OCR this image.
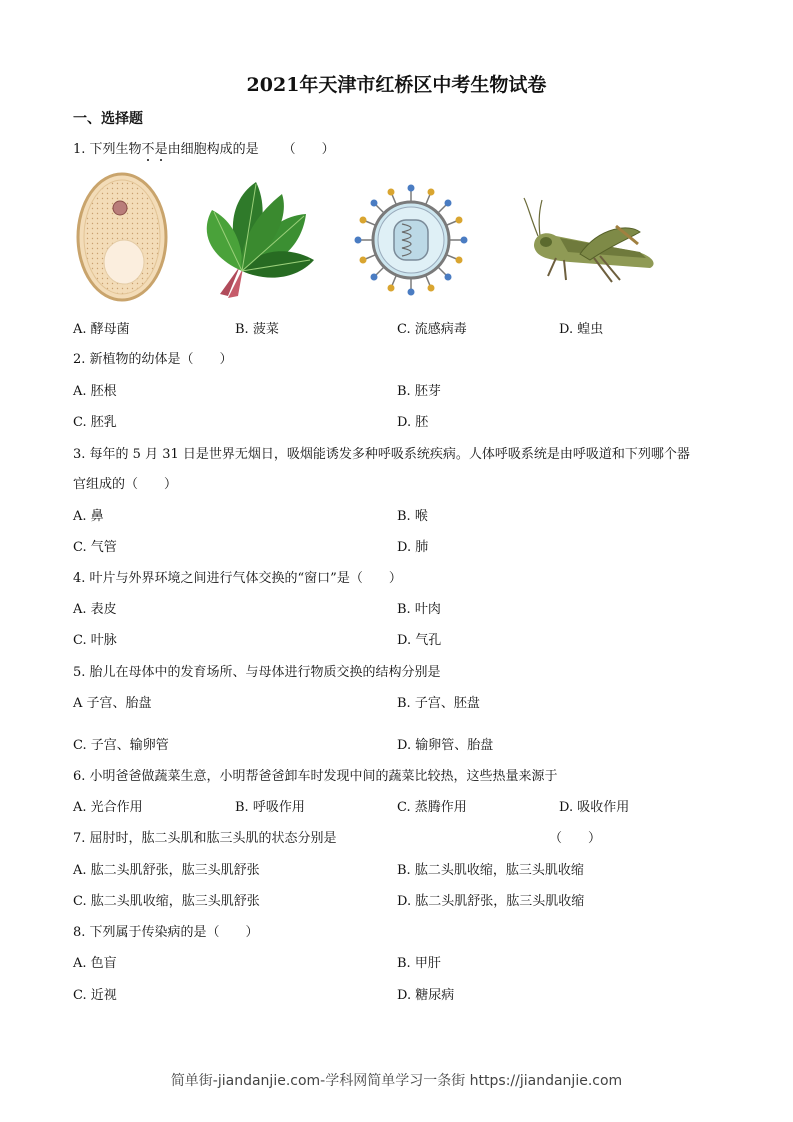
2021年天津市红桥区中考生物试卷
一、选择题
1. 下列生物不是由细胞构成的是 （　　）
A. 酵母菌	B. 菠菜	C. 流感病毒	D. 蝗虫
2. 新植物的幼体是（　　）
A. 胚根	B. 胚芽
C. 胚乳	D. 胚
3. 每年的 5 月 31 日是世界无烟日，吸烟能诱发多种呼吸系统疾病。人体呼吸系统是由呼吸道和下列哪个器
官组成的（　　）
A. 鼻	B. 喉
C. 气管	D. 肺
4. 叶片与外界环境之间进行气体交换的“窗口”是（　　）
A. 表皮	B. 叶肉
C. 叶脉	D. 气孔
5. 胎儿在母体中的发育场所、与母体进行物质交换的结构分别是
A 子宫、胎盘	B. 子宫、胚盘
C. 子宫、输卵管	D. 输卵管、胎盘
6. 小明爸爸做蔬菜生意，小明帮爸爸卸车时发现中间的蔬菜比较热，这些热量来源于
A. 光合作用	B. 呼吸作用	C. 蒸腾作用	D. 吸收作用
7. 屈肘时，肱二头肌和肱三头肌的状态分别是	（　　）
A. 肱二头肌舒张，肱三头肌舒张	B. 肱二头肌收缩，肱三头肌收缩
C. 肱二头肌收缩，肱三头肌舒张	D. 肱二头肌舒张，肱三头肌收缩
8. 下列属于传染病的是（　　）
A. 色盲	B. 甲肝
C. 近视	D. 糖尿病
简单街-jiandanjie.com-学科网简单学习一条街 https://jiandanjie.com
